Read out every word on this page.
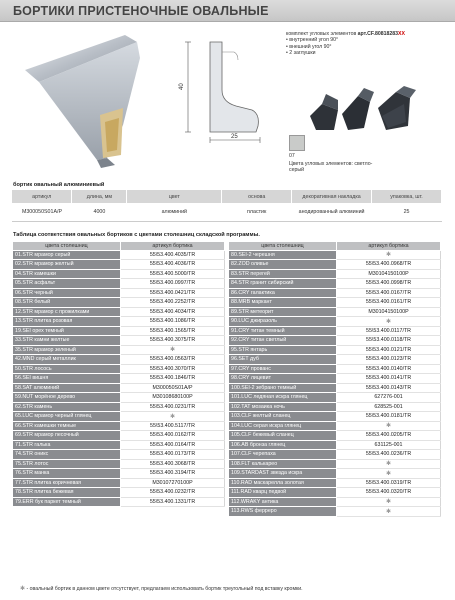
БОРТИКИ ПРИСТЕНОЧНЫЕ ОВАЛЬНЫЕ
40
25
комплект угловых элементов арт.CF.80818283XX
• внутренний угол 90°
• внешний угол 90°
• 2 заглушки
07
Цвета угловых элементов: светло-серый
бортик овальный алюминиевый
артикул	длина, мм	цвет	основа	декоративная накладка	упаковка, шт.
M300050S01A/P	4000	алюминий	пластик	анодированный алюминий	25
Таблица соответствия овальных бортиков с цветами столешниц складской программы.
цвета столешниц	артикул бортика		цвета столешниц	артикул бортика
01.STR мрамор серый	55\53.400.4035/TR		80.SEI-2 черешня	✱
02.STR мрамор желтый	55\53.400.4036/TR		82.ZOD оливье	55\53.400.0968/TR
04.STR камешки	55\53.400.5000/TR		83.STR перегей	M30104150100P
05.STR асфальт	55\53.400.0997/TR		84.STR гранит сибирский	55\53.400.0998/TR
06.STR черный	55\53.400.0421/TR		86.CRY галактика	55\53.400.0167/TR
08.STR белый	55\53.400.2252/TR		88.MRB маркант	55\53.400.0161/TR
12.STR мрамор с прожилками	55\53.400.4034/TR		89.STR метеорит	M30104150100P
13.STR плитка розовая	55\53.400.1086/TR		90.LUC джиразоль	✱
19.SEI орех темный	55\53.400.1565/TR		91.CRY титан темный	55\53.400.0117/TR
33.STR камни желтые	55\53.400.3075/TR		92.CRY титан светлый	55\53.400.0118/TR
35.STR мрамор зеленый	✱		95.STR янтарь	55\53.400.0121/TR
42.MND серый металлик	55\53.400.0563/TR		96.SET дуб	55\53.400.0123/TR
50.STR лосось	55\53.400.3070/TR		97.CRY прованс	55\53.400.0140/TR
56.SEI вишня	55\53.400.1846/TR		98.CRY лицевит	55\53.400.0141/TR
58.SAT алюминий	M300050S01A/P		100.SEI-2 зебрано темный	55\53.400.0143/TR
59.NUT морёное дерево	M30108680100P		101.LUC ледяная искра глянец	627276-001
62.STR камень	55\53.400.0231/TR		102.TAT мозаика ночь	628525-001
65.LUC мрамор черный глянец	✱		103.CLF желтый сланец	55\53.400.0181/TR
66.STR камешки темные	55\53.400.5117/TR		104.LUC серая искра глянец	✱
69.STR мрамор песочный	55\53.400.0162/TR		105.CLF бежевый сланец	55\53.400.0205/TR
71.STR галька	55\53.400.0164/TR		106.AB бронза глянец	631125-001
74.STR оникс	55\53.400.0173/TR		107.CLF черепаха	55\53.400.0236/TR
75.STR лотос	55\53.400.3068/TR		108.FLT калькарео	✱
76.STR манка	55\53.400.3194/TR		109.STARDAST звезда искра	✱
77.STR плитка коричневая	M30107270100P		110.RAD маскарелла золотая	55\53.400.0319/TR
78.STR плитка бежевая	55\53.400.0232/TR		111.RAD кварц педвой	55\53.400.0320/TR
79.ERR бук паркет темный	55\53.400.1331/TR		112.WRAKY антика	✱
			113.RWS феррерo	✱
✱ - овальный бортик в данном цвете отсутствует, предлагаем использовать бортик треугольный под вставку кромки.
